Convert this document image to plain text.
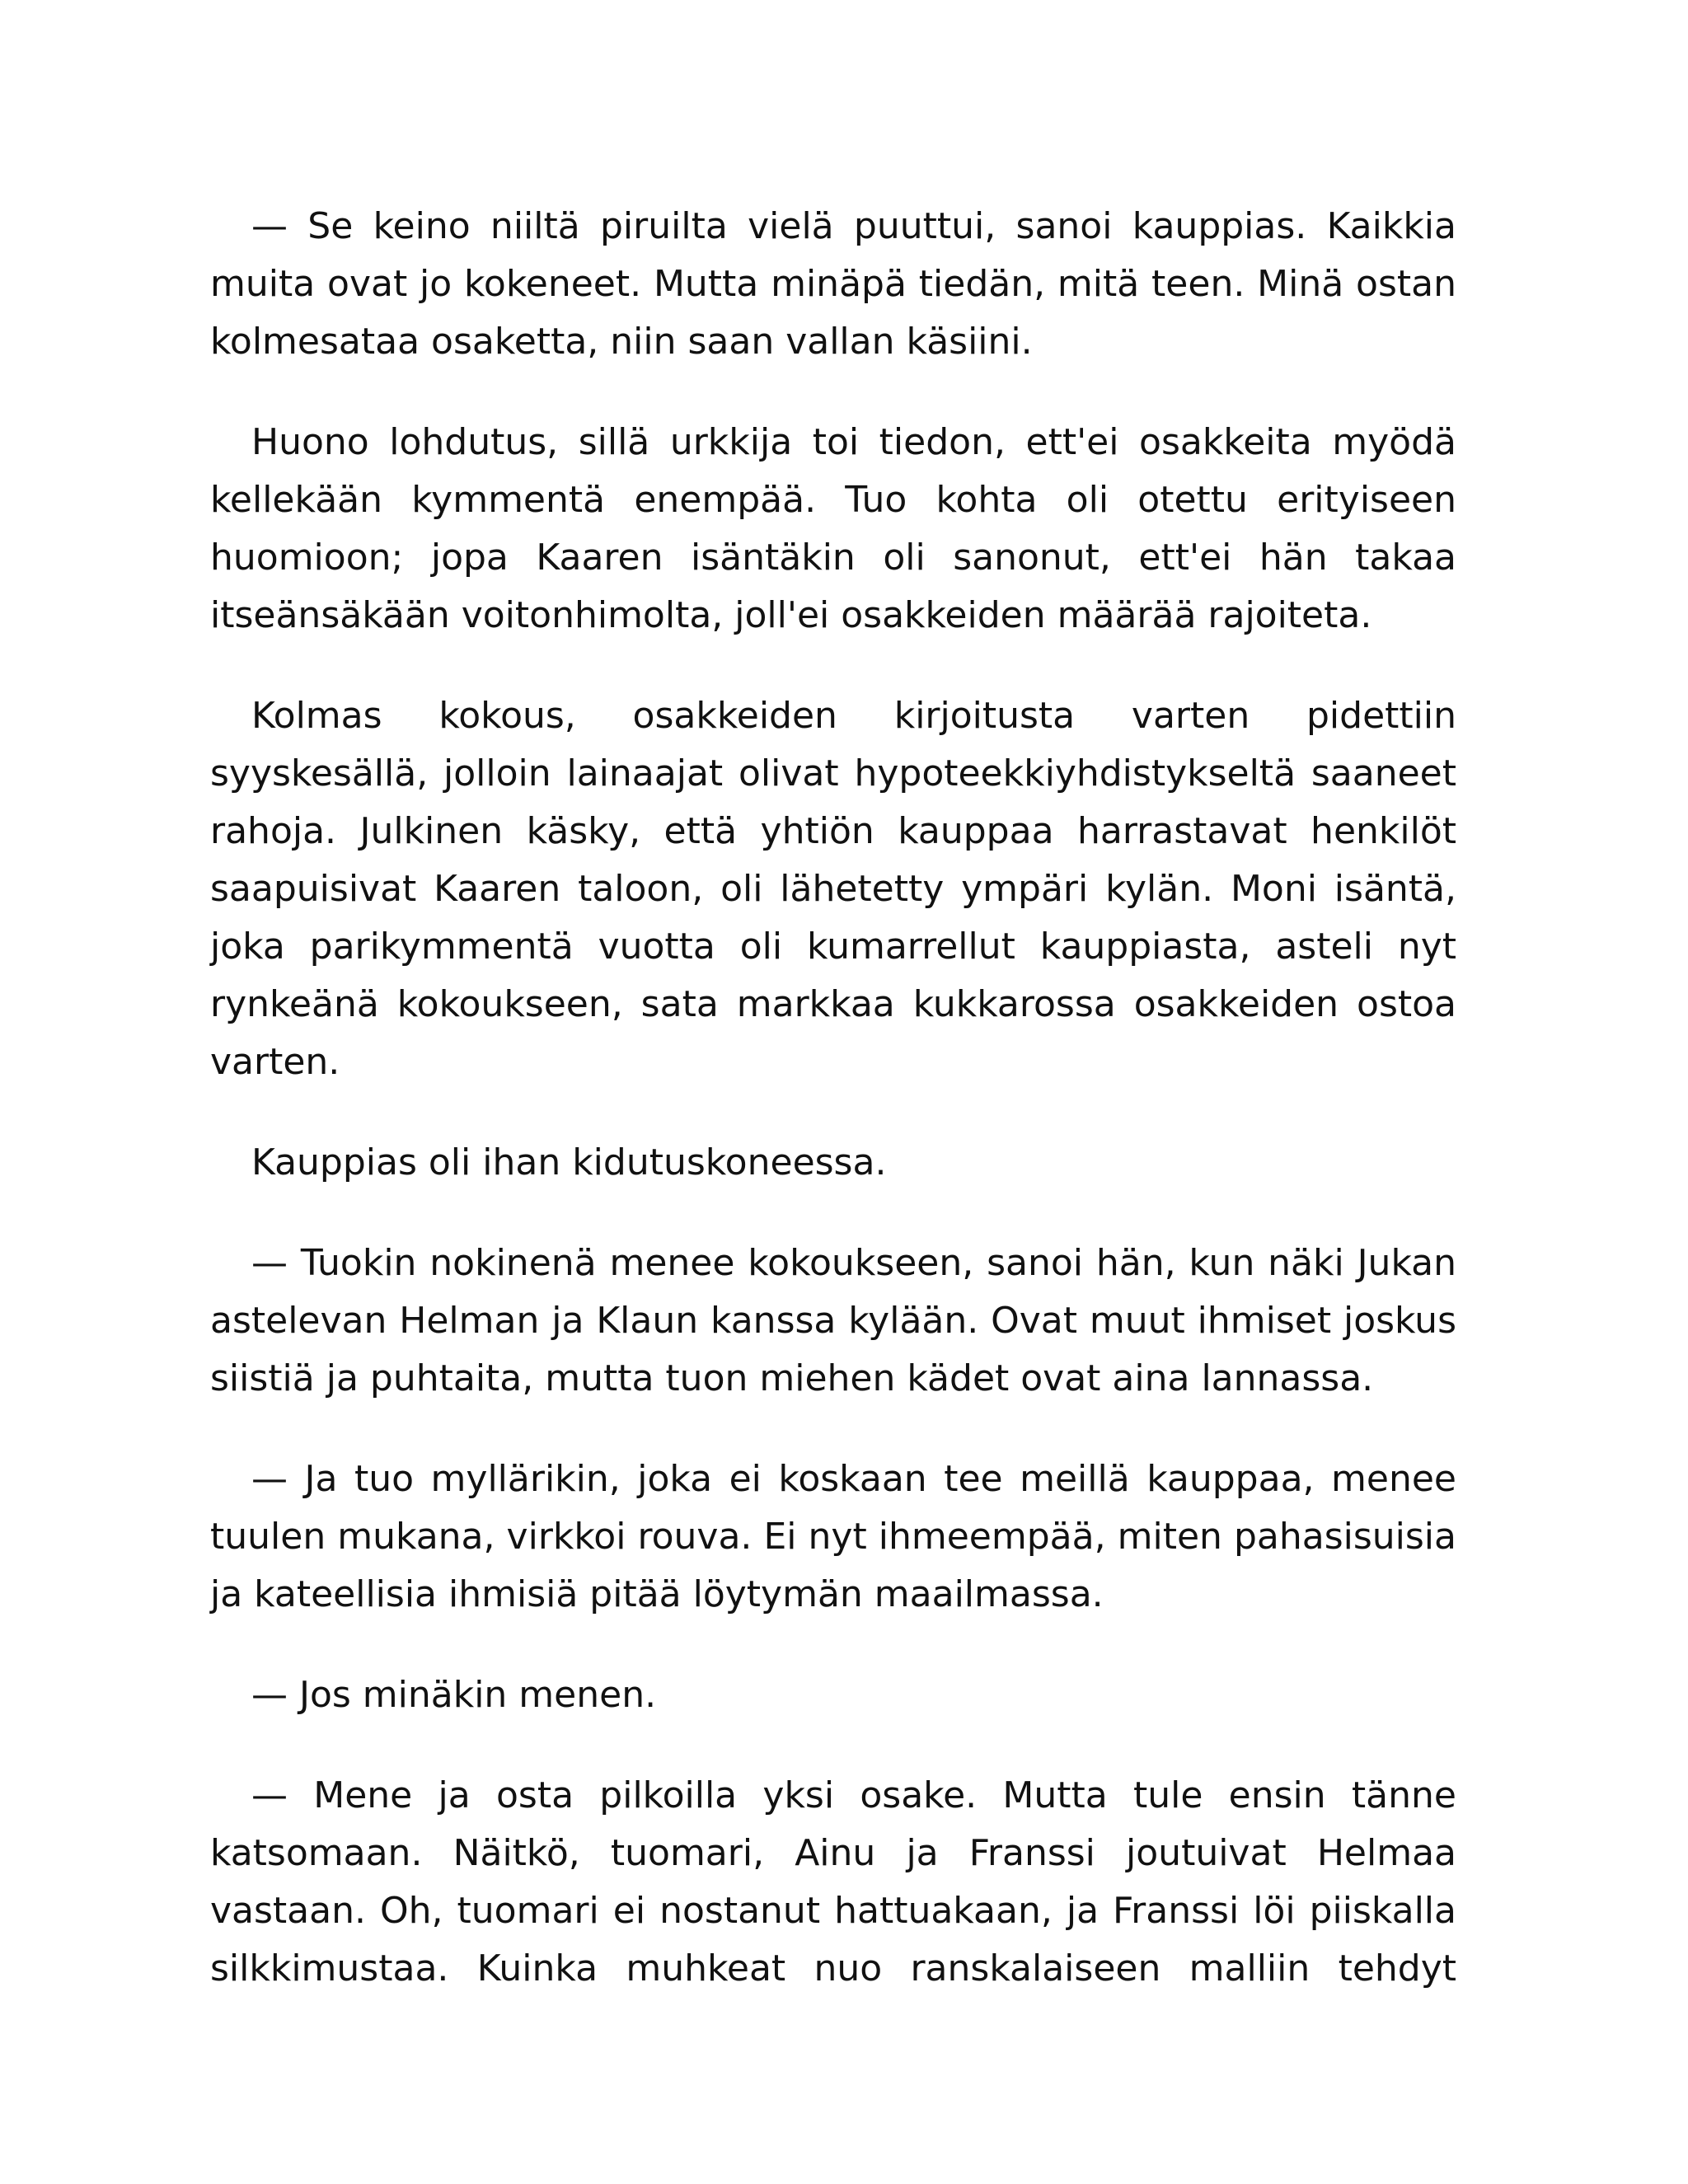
— Se keino niiltä piruilta vielä puuttui, sanoi kauppias. Kaikkia muita ovat jo kokeneet. Mutta minäpä tiedän, mitä teen. Minä ostan kolmesataa osaketta, niin saan vallan käsiini.

Huono lohdutus, sillä urkkija toi tiedon, ett'ei osakkeita myödä kellekään kymmentä enempää. Tuo kohta oli otettu erityiseen huomioon; jopa Kaaren isäntäkin oli sanonut, ett'ei hän takaa itseänsäkään voitonhimolta, joll'ei osakkeiden määrää rajoiteta.

Kolmas kokous, osakkeiden kirjoitusta varten pidettiin syyskesällä, jolloin lainaajat olivat hypoteekkiyhdistykseltä saaneet rahoja. Julkinen käsky, että yhtiön kauppaa harrastavat henkilöt saapuisivat Kaaren taloon, oli lähetetty ympäri kylän. Moni isäntä, joka parikymmentä vuotta oli kumarrellut kauppiasta, asteli nyt rynkeänä kokoukseen, sata markkaa kukkarossa osakkeiden ostoa varten.

Kauppias oli ihan kidutuskoneessa.

— Tuokin nokinenä menee kokoukseen, sanoi hän, kun näki Jukan astelevan Helman ja Klaun kanssa kylään. Ovat muut ihmiset joskus siistiä ja puhtaita, mutta tuon miehen kädet ovat aina lannassa.

— Ja tuo myllärikin, joka ei koskaan tee meillä kauppaa, menee tuulen mukana, virkkoi rouva. Ei nyt ihmeempää, miten pahasisuisia ja kateellisia ihmisiä pitää löytymän maailmassa.

— Jos minäkin menen.

— Mene ja osta pilkoilla yksi osake. Mutta tule ensin tänne katsomaan. Näitkö, tuomari, Ainu ja Franssi joutuivat Helmaa vastaan. Oh, tuomari ei nostanut hattuakaan, ja Franssi löi piiskalla silkkimustaa. Kuinka muhkeat nuo ranskalaiseen malliin tehdyt
